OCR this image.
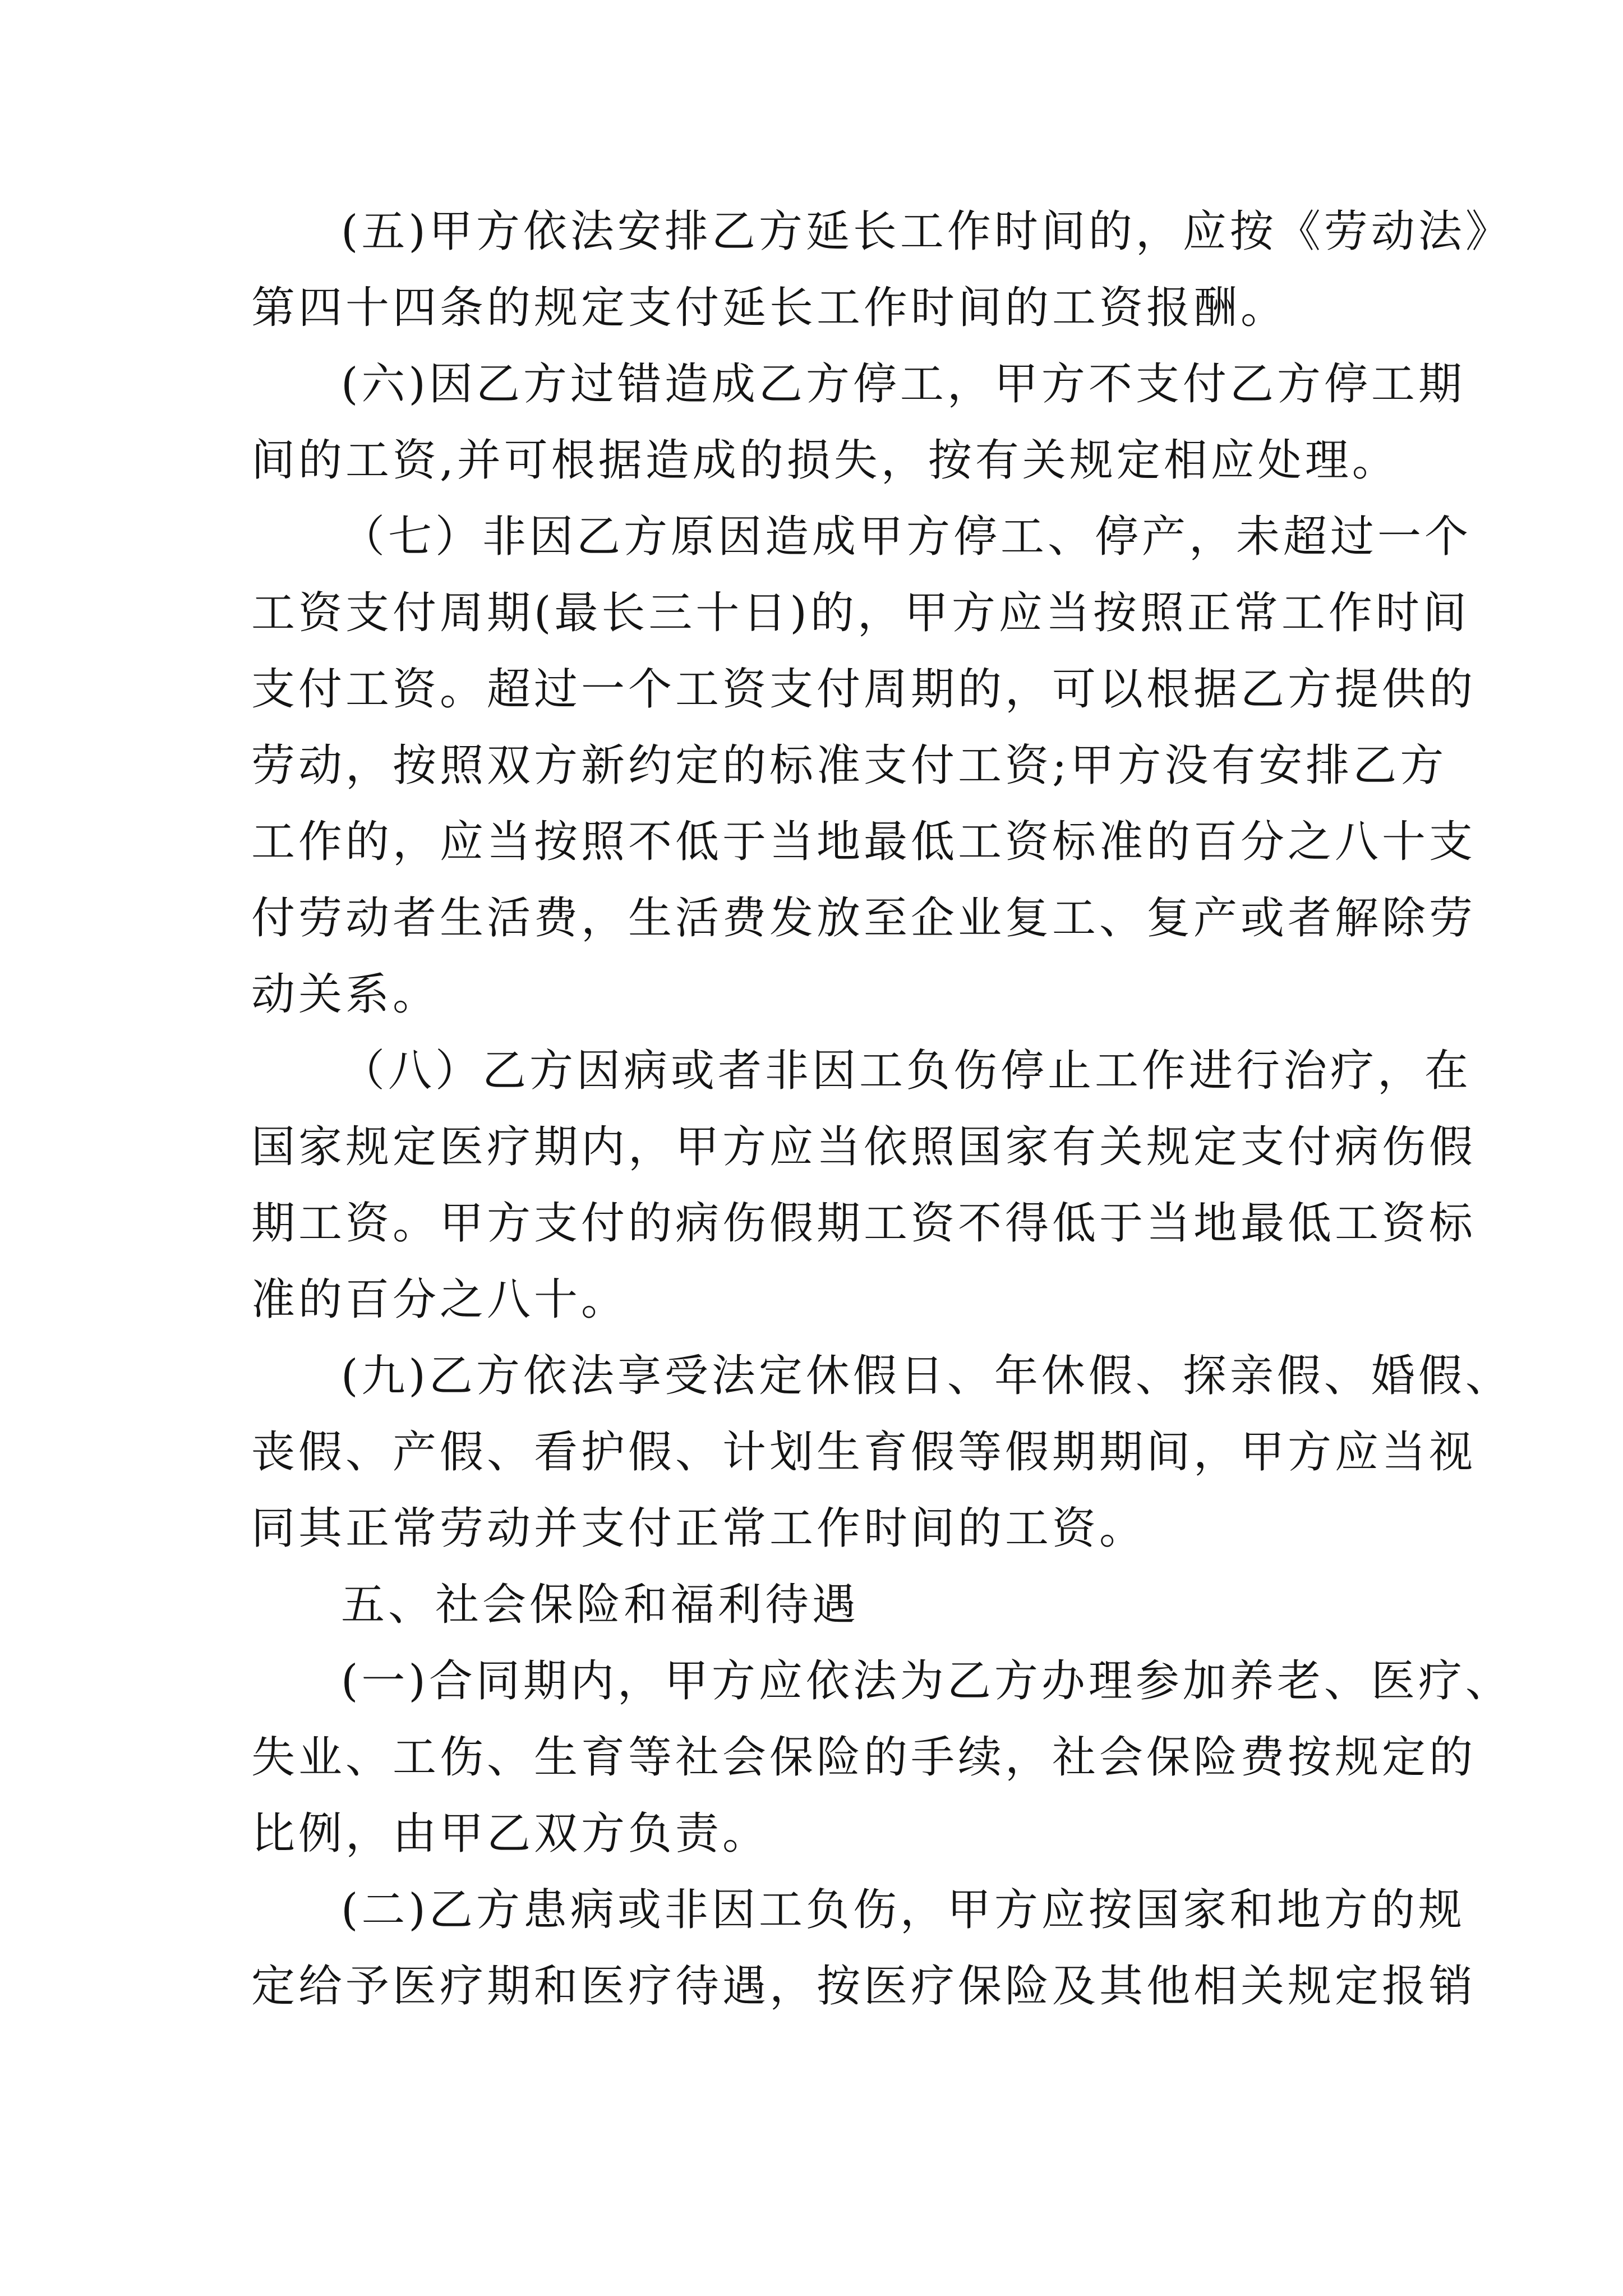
(五)甲方依法安排乙方延长工作时间的，应按《劳动法》
第四十四条的规定支付延长工作时间的工资报酬。
(六)因乙方过错造成乙方停工，甲方不支付乙方停工期
间的工资,并可根据造成的损失，按有关规定相应处理。
（七）非因乙方原因造成甲方停工、停产，未超过一个
工资支付周期(最长三十日)的，甲方应当按照正常工作时间
支付工资。超过一个工资支付周期的，可以根据乙方提供的
劳动，按照双方新约定的标准支付工资;甲方没有安排乙方
工作的，应当按照不低于当地最低工资标准的百分之八十支
付劳动者生活费，生活费发放至企业复工、复产或者解除劳
动关系。
（八）乙方因病或者非因工负伤停止工作进行治疗，在
国家规定医疗期内，甲方应当依照国家有关规定支付病伤假
期工资。甲方支付的病伤假期工资不得低于当地最低工资标
准的百分之八十。
(九)乙方依法享受法定休假日、年休假、探亲假、婚假、
丧假、产假、看护假、计划生育假等假期期间，甲方应当视
同其正常劳动并支付正常工作时间的工资。
五、社会保险和福利待遇
(一)合同期内，甲方应依法为乙方办理参加养老、医疗、
失业、工伤、生育等社会保险的手续，社会保险费按规定的
比例，由甲乙双方负责。
(二)乙方患病或非因工负伤，甲方应按国家和地方的规
定给予医疗期和医疗待遇，按医疗保险及其他相关规定报销
